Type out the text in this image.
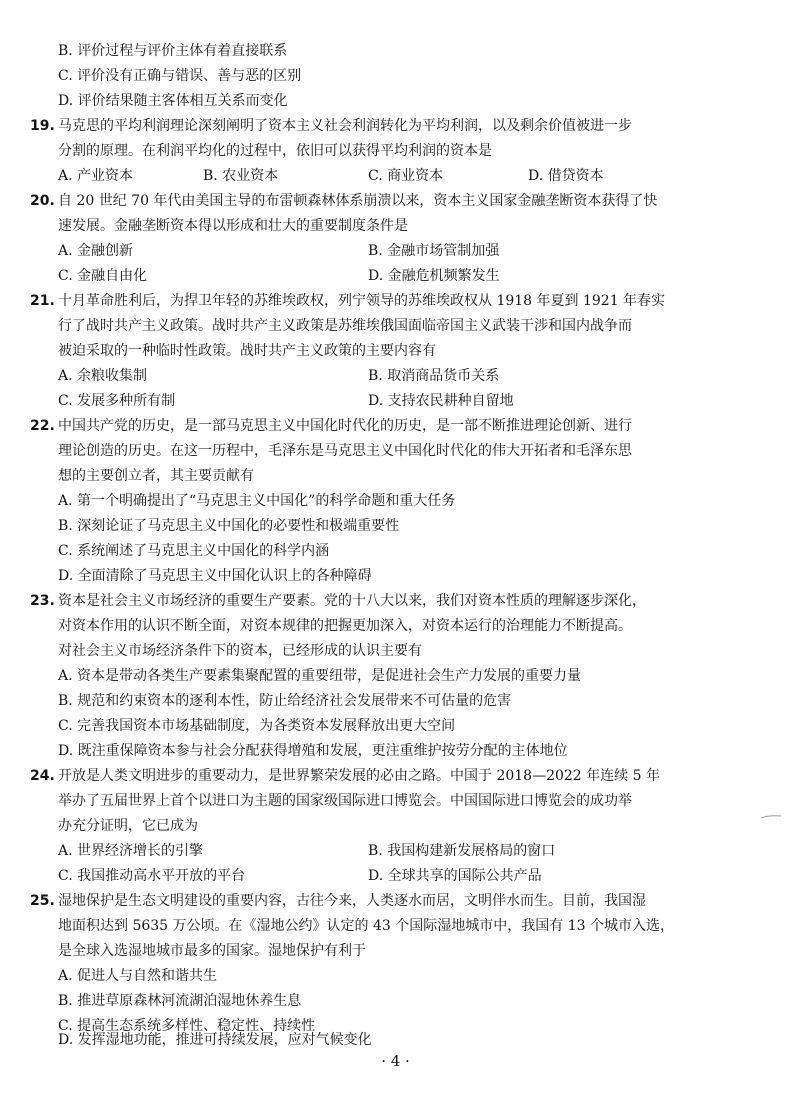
B. 评价过程与评价主体有着直接联系
C. 评价没有正确与错误、善与恶的区别
D. 评价结果随主客体相互关系而变化
19. 马克思的平均利润理论深刻阐明了资本主义社会利润转化为平均利润，以及剩余价值被进一步
分割的原理。在利润平均化的过程中，依旧可以获得平均利润的资本是
A. 产业资本	B. 农业资本	C. 商业资本	D. 借贷资本
20. 自 20 世纪 70 年代由美国主导的布雷顿森林体系崩溃以来，资本主义国家金融垄断资本获得了快
速发展。金融垄断资本得以形成和壮大的重要制度条件是
A. 金融创新	B. 金融市场管制加强
C. 金融自由化	D. 金融危机频繁发生
21. 十月革命胜利后，为捍卫年轻的苏维埃政权，列宁领导的苏维埃政权从 1918 年夏到 1921 年春实
行了战时共产主义政策。战时共产主义政策是苏维埃俄国面临帝国主义武装干涉和国内战争而
被迫采取的一种临时性政策。战时共产主义政策的主要内容有
A. 余粮收集制	B. 取消商品货币关系
C. 发展多种所有制	D. 支持农民耕种自留地
22. 中国共产党的历史，是一部马克思主义中国化时代化的历史，是一部不断推进理论创新、进行
理论创造的历史。在这一历程中，毛泽东是马克思主义中国化时代化的伟大开拓者和毛泽东思
想的主要创立者，其主要贡献有
A. 第一个明确提出了“马克思主义中国化”的科学命题和重大任务
B. 深刻论证了马克思主义中国化的必要性和极端重要性
C. 系统阐述了马克思主义中国化的科学内涵
D. 全面清除了马克思主义中国化认识上的各种障碍
23. 资本是社会主义市场经济的重要生产要素。党的十八大以来，我们对资本性质的理解逐步深化，
对资本作用的认识不断全面，对资本规律的把握更加深入，对资本运行的治理能力不断提高。
对社会主义市场经济条件下的资本，已经形成的认识主要有
A. 资本是带动各类生产要素集聚配置的重要纽带，是促进社会生产力发展的重要力量
B. 规范和约束资本的逐利本性，防止给经济社会发展带来不可估量的危害
C. 完善我国资本市场基础制度，为各类资本发展释放出更大空间
D. 既注重保障资本参与社会分配获得增殖和发展，更注重维护按劳分配的主体地位
24. 开放是人类文明进步的重要动力，是世界繁荣发展的必由之路。中国于 2018—2022 年连续 5 年
举办了五届世界上首个以进口为主题的国家级国际进口博览会。中国国际进口博览会的成功举
办充分证明，它已成为
A. 世界经济增长的引擎	B. 我国构建新发展格局的窗口
C. 我国推动高水平开放的平台	D. 全球共享的国际公共产品
25. 湿地保护是生态文明建设的重要内容，古往今来，人类逐水而居，文明伴水而生。目前，我国湿
地面积达到 5635 万公顷。在《湿地公约》认定的 43 个国际湿地城市中，我国有 13 个城市入选，
是全球入选湿地城市最多的国家。湿地保护有利于
A. 促进人与自然和谐共生
B. 推进草原森林河流湖泊湿地休养生息
C. 提高生态系统多样性、稳定性、持续性
D. 发挥湿地功能，推进可持续发展，应对气候变化
· 4 ·
